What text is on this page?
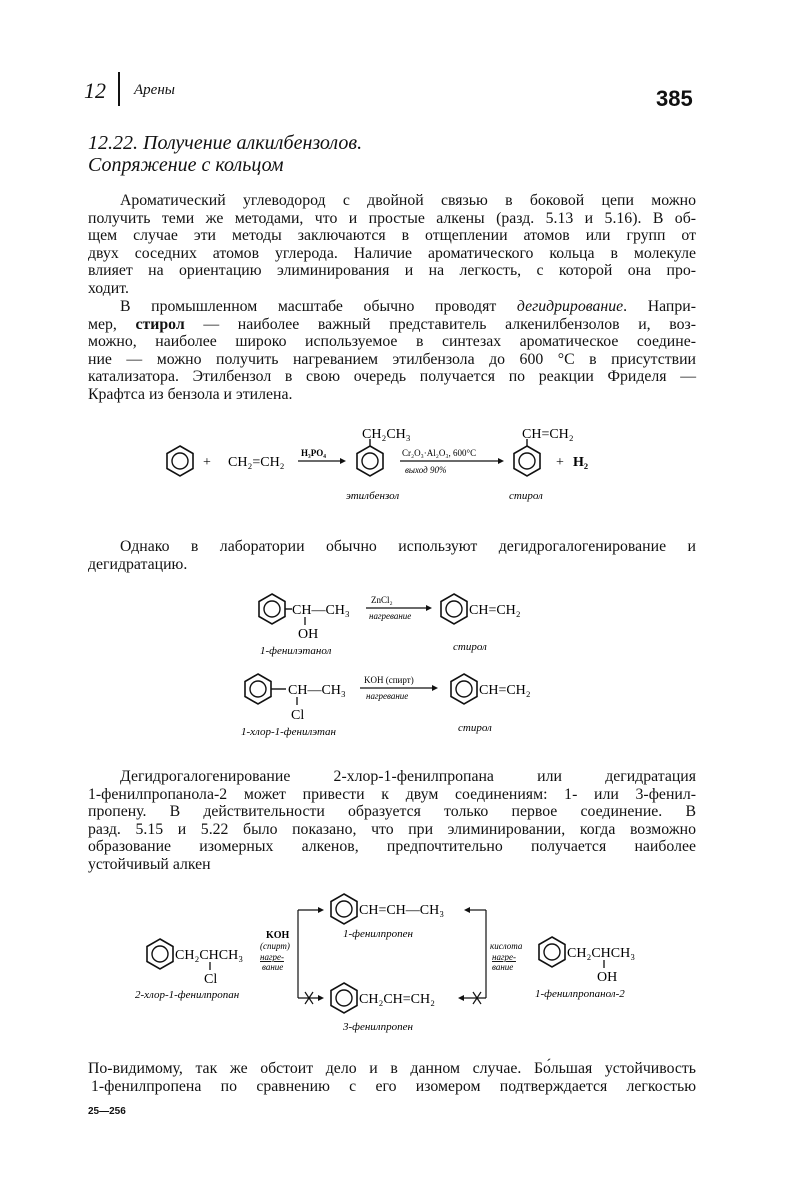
12 Арены	385
12.22. Получение алкилбензолов.
Сопряжение с кольцом
Ароматический углеводород с двойной связью в боковой цепи можно
получить теми же методами, что и простые алкены (разд. 5.13 и 5.16). В об-
щем случае эти методы заключаются в отщеплении атомов или групп от
двух соседних атомов углерода. Наличие ароматического кольца в молекуле
влияет на ориентацию элиминирования и на легкость, с которой она про-
ходит.
В промышленном масштабе обычно проводят дегидрирование. Напри-
мер, стирол — наиболее важный представитель алкенилбензолов и, воз-
можно, наиболее широко используемое в синтезах ароматическое соедине-
ние — можно получить нагреванием этилбензола до 600 °C в присутствии
катализатора. Этилбензол в свою очередь получается по реакции Фриделя —
Крафтса из бензола и этилена.
+ CH₂=CH₂
H₃PO₄
CH₂CH₃
Cr₂O₃·Al₂O₃, 600°C
выход 90%
CH=CH₂
+ H₂
этилбензол	стирол
Однако в лаборатории обычно используют дегидрогалогенирование и
дегидратацию.
CH—CH₃
OH
ZnCl₂
нагревание	CH=CH₂
1-фенилэтанол	стирол
CH—CH₃
Cl
KOH (спирт)
нагревание	CH=CH₂
1-хлор-1-фенилэтан	стирол
Дегидрогалогенирование 2-хлор-1-фенилпропана или дегидратация
1-фенилпропанола-2 может привести к двум соединениям: 1- или 3-фенил-
пропену. В действительности образуется только первое соединение. В
разд. 5.15 и 5.22 было показано, что при элиминировании, когда возможно
образование изомерных алкенов, предпочтительно получается наиболее
устойчивый алкен
CH₂CHCH₃
Cl
2-хлор-1-фенилпропан
KOH
(спирт)
нагре-
вание
CH=CH—CH₃
1-фенилпропен
CH₂CH=CH₂
3-фенилпропен
кислота
нагре-
вание
CH₂CHCH₃
OH
1-фенилпропанол-2
По-видимому, так же обстоит дело и в данном случае. Бо́льшая устойчивость
1-фенилпропена по сравнению с его изомером подтверждается легкостью
25—256
